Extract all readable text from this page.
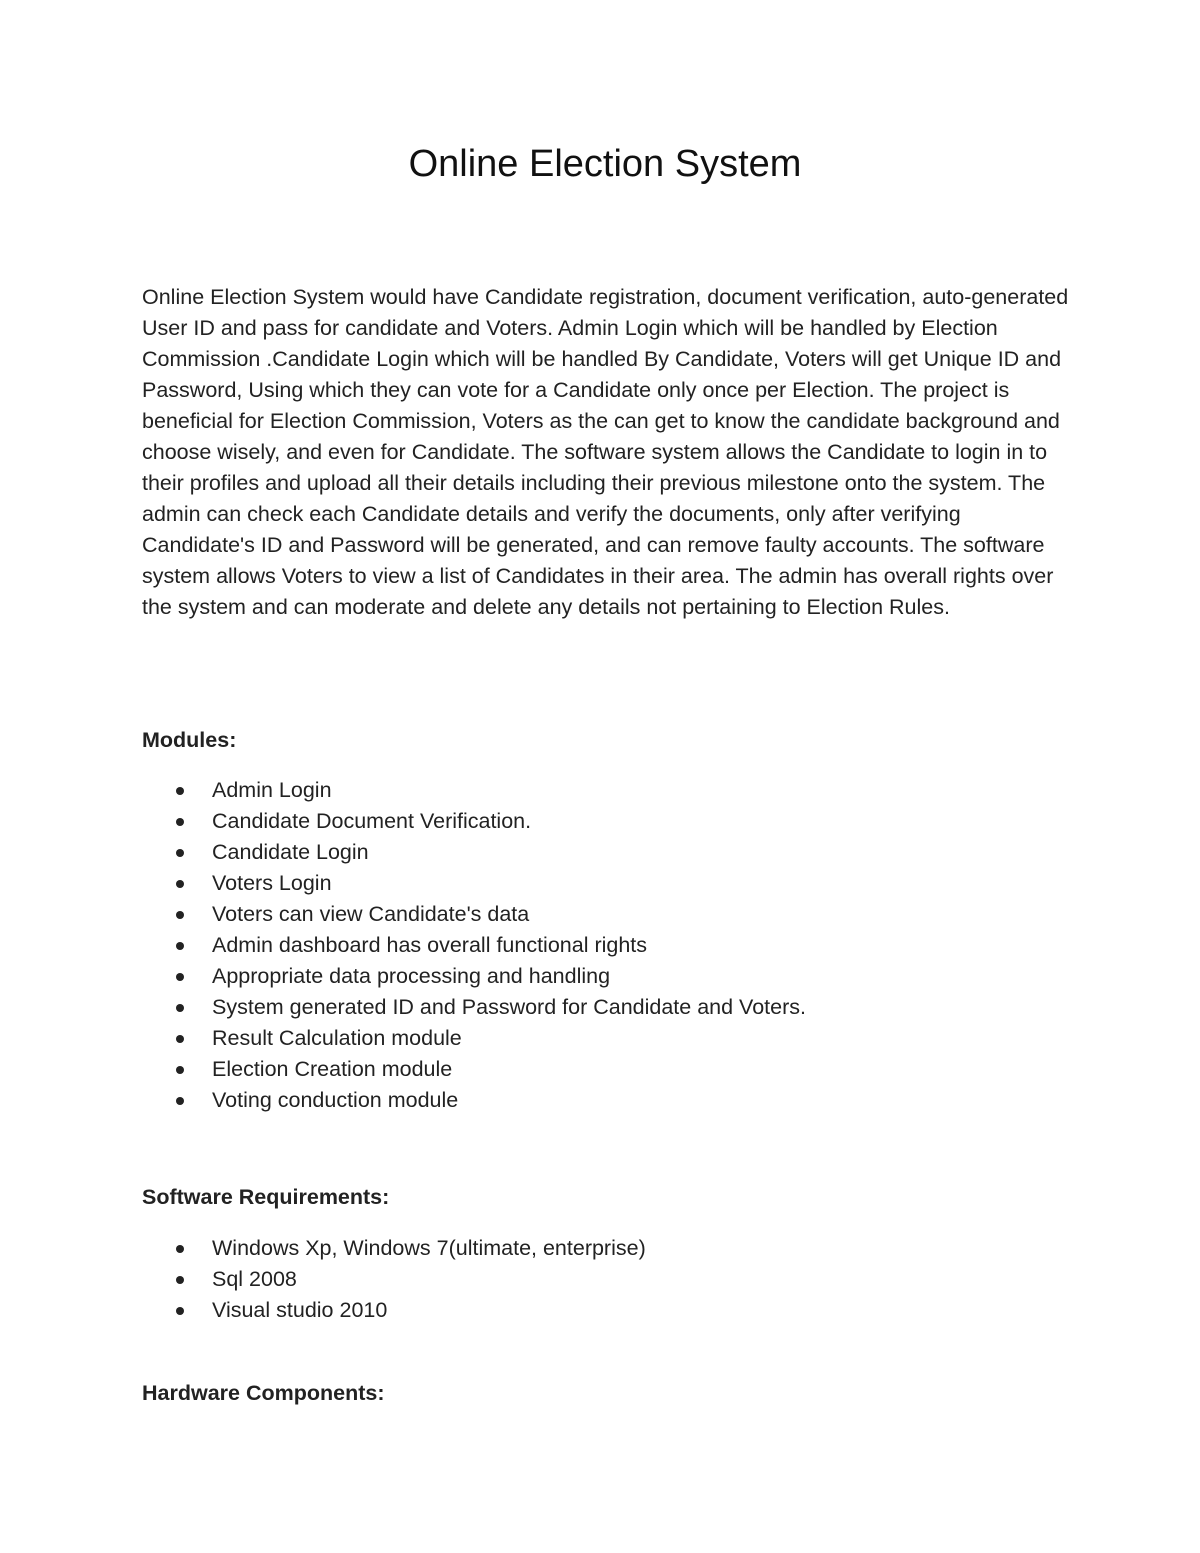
Online Election System

Online Election System would have Candidate registration, document verification, auto-generated User ID and pass for candidate and Voters. Admin Login which will be handled by Election Commission .Candidate Login which will be handled By Candidate, Voters will get Unique ID and Password, Using which they can vote for a Candidate only once per Election. The project is beneficial for Election Commission, Voters as the can get to know the candidate background and choose wisely, and even for Candidate. The software system allows the Candidate to login in to their profiles and upload all their details including their previous milestone onto the system. The admin can check each Candidate details and verify the documents, only after verifying Candidate's ID and Password will be generated, and can remove faulty accounts. The software system allows Voters to view a list of Candidates in their area. The admin has overall rights over the system and can moderate and delete any details not pertaining to Election Rules.

Modules:
Admin Login
Candidate Document Verification.
Candidate Login
Voters Login
Voters can view Candidate's data
Admin dashboard has overall functional rights
Appropriate data processing and handling
System generated ID and Password for Candidate and Voters.
Result Calculation module
Election Creation module
Voting conduction module
Software Requirements:
Windows Xp, Windows 7(ultimate, enterprise)
Sql 2008
Visual studio 2010
Hardware Components:
